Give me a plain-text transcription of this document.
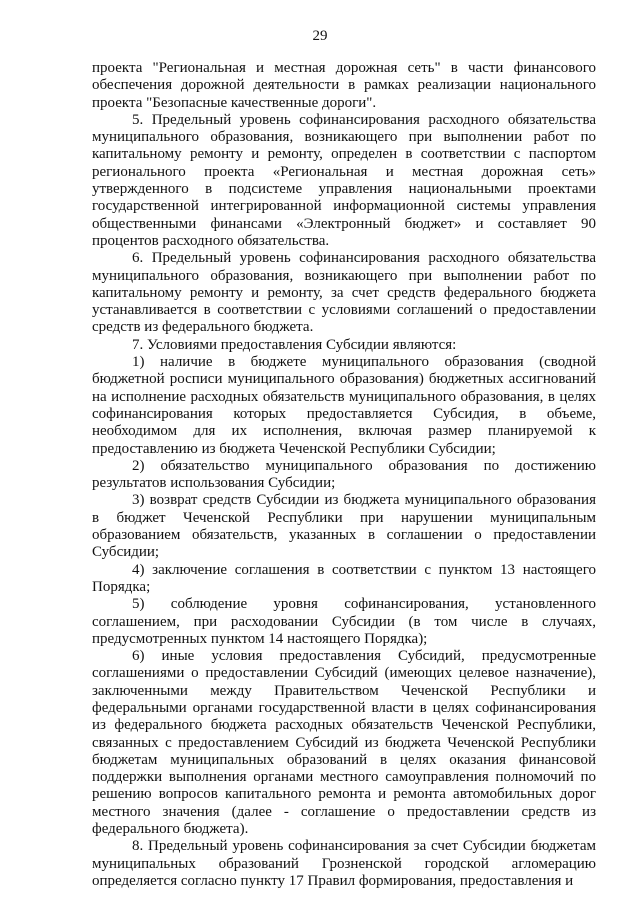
29

проекта "Региональная и местная дорожная сеть" в части финансового обеспечения дорожной деятельности в рамках реализации национального проекта "Безопасные качественные дороги".

5. Предельный уровень софинансирования расходного обязательства муниципального образования, возникающего при выполнении работ по капитальному ремонту и ремонту, определен в соответствии с паспортом регионального проекта «Региональная и местная дорожная сеть» утвержденного в подсистеме управления национальными проектами государственной интегрированной информационной системы управления общественными финансами «Электронный бюджет» и составляет 90 процентов расходного обязательства.

6. Предельный уровень софинансирования расходного обязательства муниципального образования, возникающего при выполнении работ по капитальному ремонту и ремонту, за счет средств федерального бюджета устанавливается в соответствии с условиями соглашений о предоставлении средств из федерального бюджета.

7. Условиями предоставления Субсидии являются:

1) наличие в бюджете муниципального образования (сводной бюджетной росписи муниципального образования) бюджетных ассигнований на исполнение расходных обязательств муниципального образования, в целях софинансирования которых предоставляется Субсидия, в объеме, необходимом для их исполнения, включая размер планируемой к предоставлению из бюджета Чеченской Республики Субсидии;

2) обязательство муниципального образования по достижению результатов использования Субсидии;

3) возврат средств Субсидии из бюджета муниципального образования в бюджет Чеченской Республики при нарушении муниципальным образованием обязательств, указанных в соглашении о предоставлении Субсидии;

4) заключение соглашения в соответствии с пунктом 13 настоящего Порядка;

5) соблюдение уровня софинансирования, установленного соглашением, при расходовании Субсидии (в том числе в случаях, предусмотренных пунктом 14 настоящего Порядка);

6) иные условия предоставления Субсидий, предусмотренные соглашениями о предоставлении Субсидий (имеющих целевое назначение), заключенными между Правительством Чеченской Республики и федеральными органами государственной власти в целях софинансирования из федерального бюджета расходных обязательств Чеченской Республики, связанных с предоставлением Субсидий из бюджета Чеченской Республики бюджетам муниципальных образований в целях оказания финансовой поддержки выполнения органами местного самоуправления полномочий по решению вопросов капитального ремонта и ремонта автомобильных дорог местного значения (далее - соглашение о предоставлении средств из федерального бюджета).

8. Предельный уровень софинансирования за счет Субсидии бюджетам муниципальных образований Грозненской городской агломерацию определяется согласно пункту 17 Правил формирования, предоставления и
